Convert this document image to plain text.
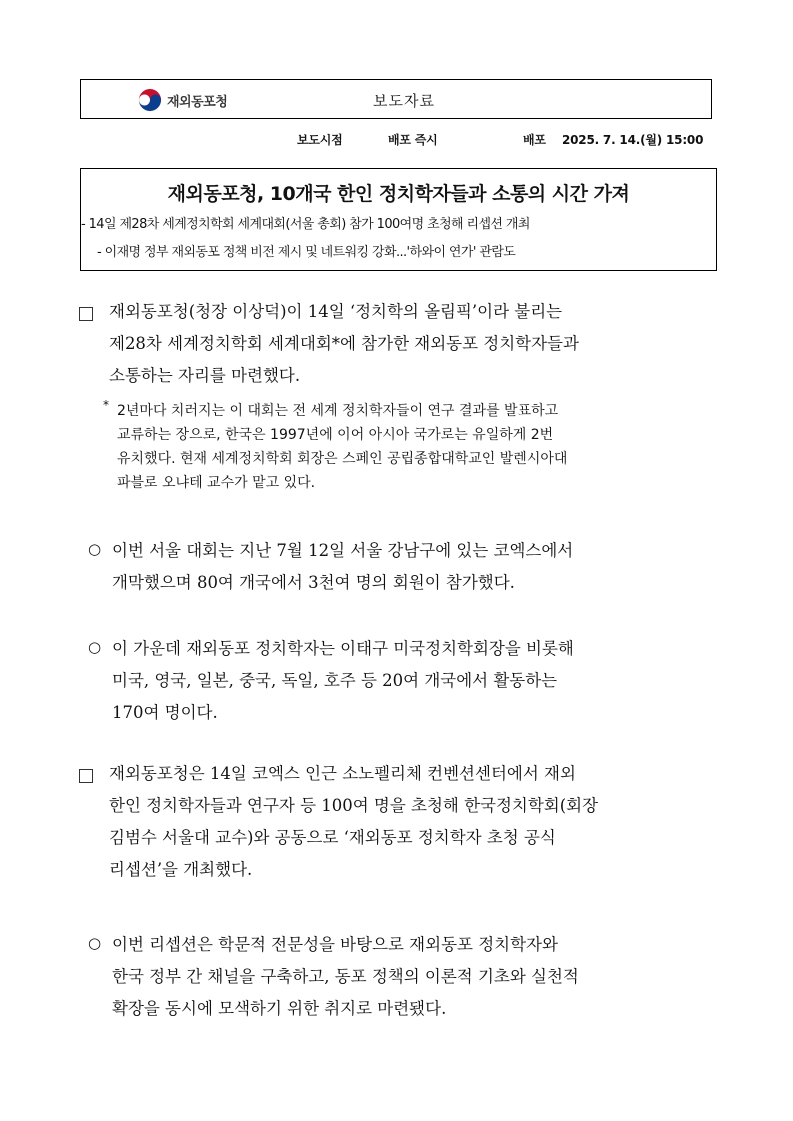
재외동포청	보도자료
보도시점	배포 즉시	배포 2025. 7. 14.(월) 15:00
재외동포청, 10개국 한인 정치학자들과 소통의 시간 가져
- 14일 제28차 세계정치학회 세계대회(서울 총회) 참가 100여명 초청해 리셉션 개최
- 이재명 정부 재외동포 정책 비전 제시 및 네트워킹 강화...'하와이 연가' 관람도
재외동포청(청장 이상덕)이 14일 ‘정치학의 올림픽’이라 불리는
제28차 세계정치학회 세계대회*에 참가한 재외동포 정치학자들과
소통하는 자리를 마련했다.
* 2년마다 치러지는 이 대회는 전 세계 정치학자들이 연구 결과를 발표하고
교류하는 장으로, 한국은 1997년에 이어 아시아 국가로는 유일하게 2번
유치했다. 현재 세계정치학회 회장은 스페인 공립종합대학교인 발렌시아대
파블로 오냐테 교수가 맡고 있다.
○ 이번 서울 대회는 지난 7월 12일 서울 강남구에 있는 코엑스에서
개막했으며 80여 개국에서 3천여 명의 회원이 참가했다.
○ 이 가운데 재외동포 정치학자는 이태구 미국정치학회장을 비롯해
미국, 영국, 일본, 중국, 독일, 호주 등 20여 개국에서 활동하는
170여 명이다.
재외동포청은 14일 코엑스 인근 소노펠리체 컨벤션센터에서 재외
한인 정치학자들과 연구자 등 100여 명을 초청해 한국정치학회(회장
김범수 서울대 교수)와 공동으로 ‘재외동포 정치학자 초청 공식
리셉션’을 개최했다.
○ 이번 리셉션은 학문적 전문성을 바탕으로 재외동포 정치학자와
한국 정부 간 채널을 구축하고, 동포 정책의 이론적 기초와 실천적
확장을 동시에 모색하기 위한 취지로 마련됐다.
